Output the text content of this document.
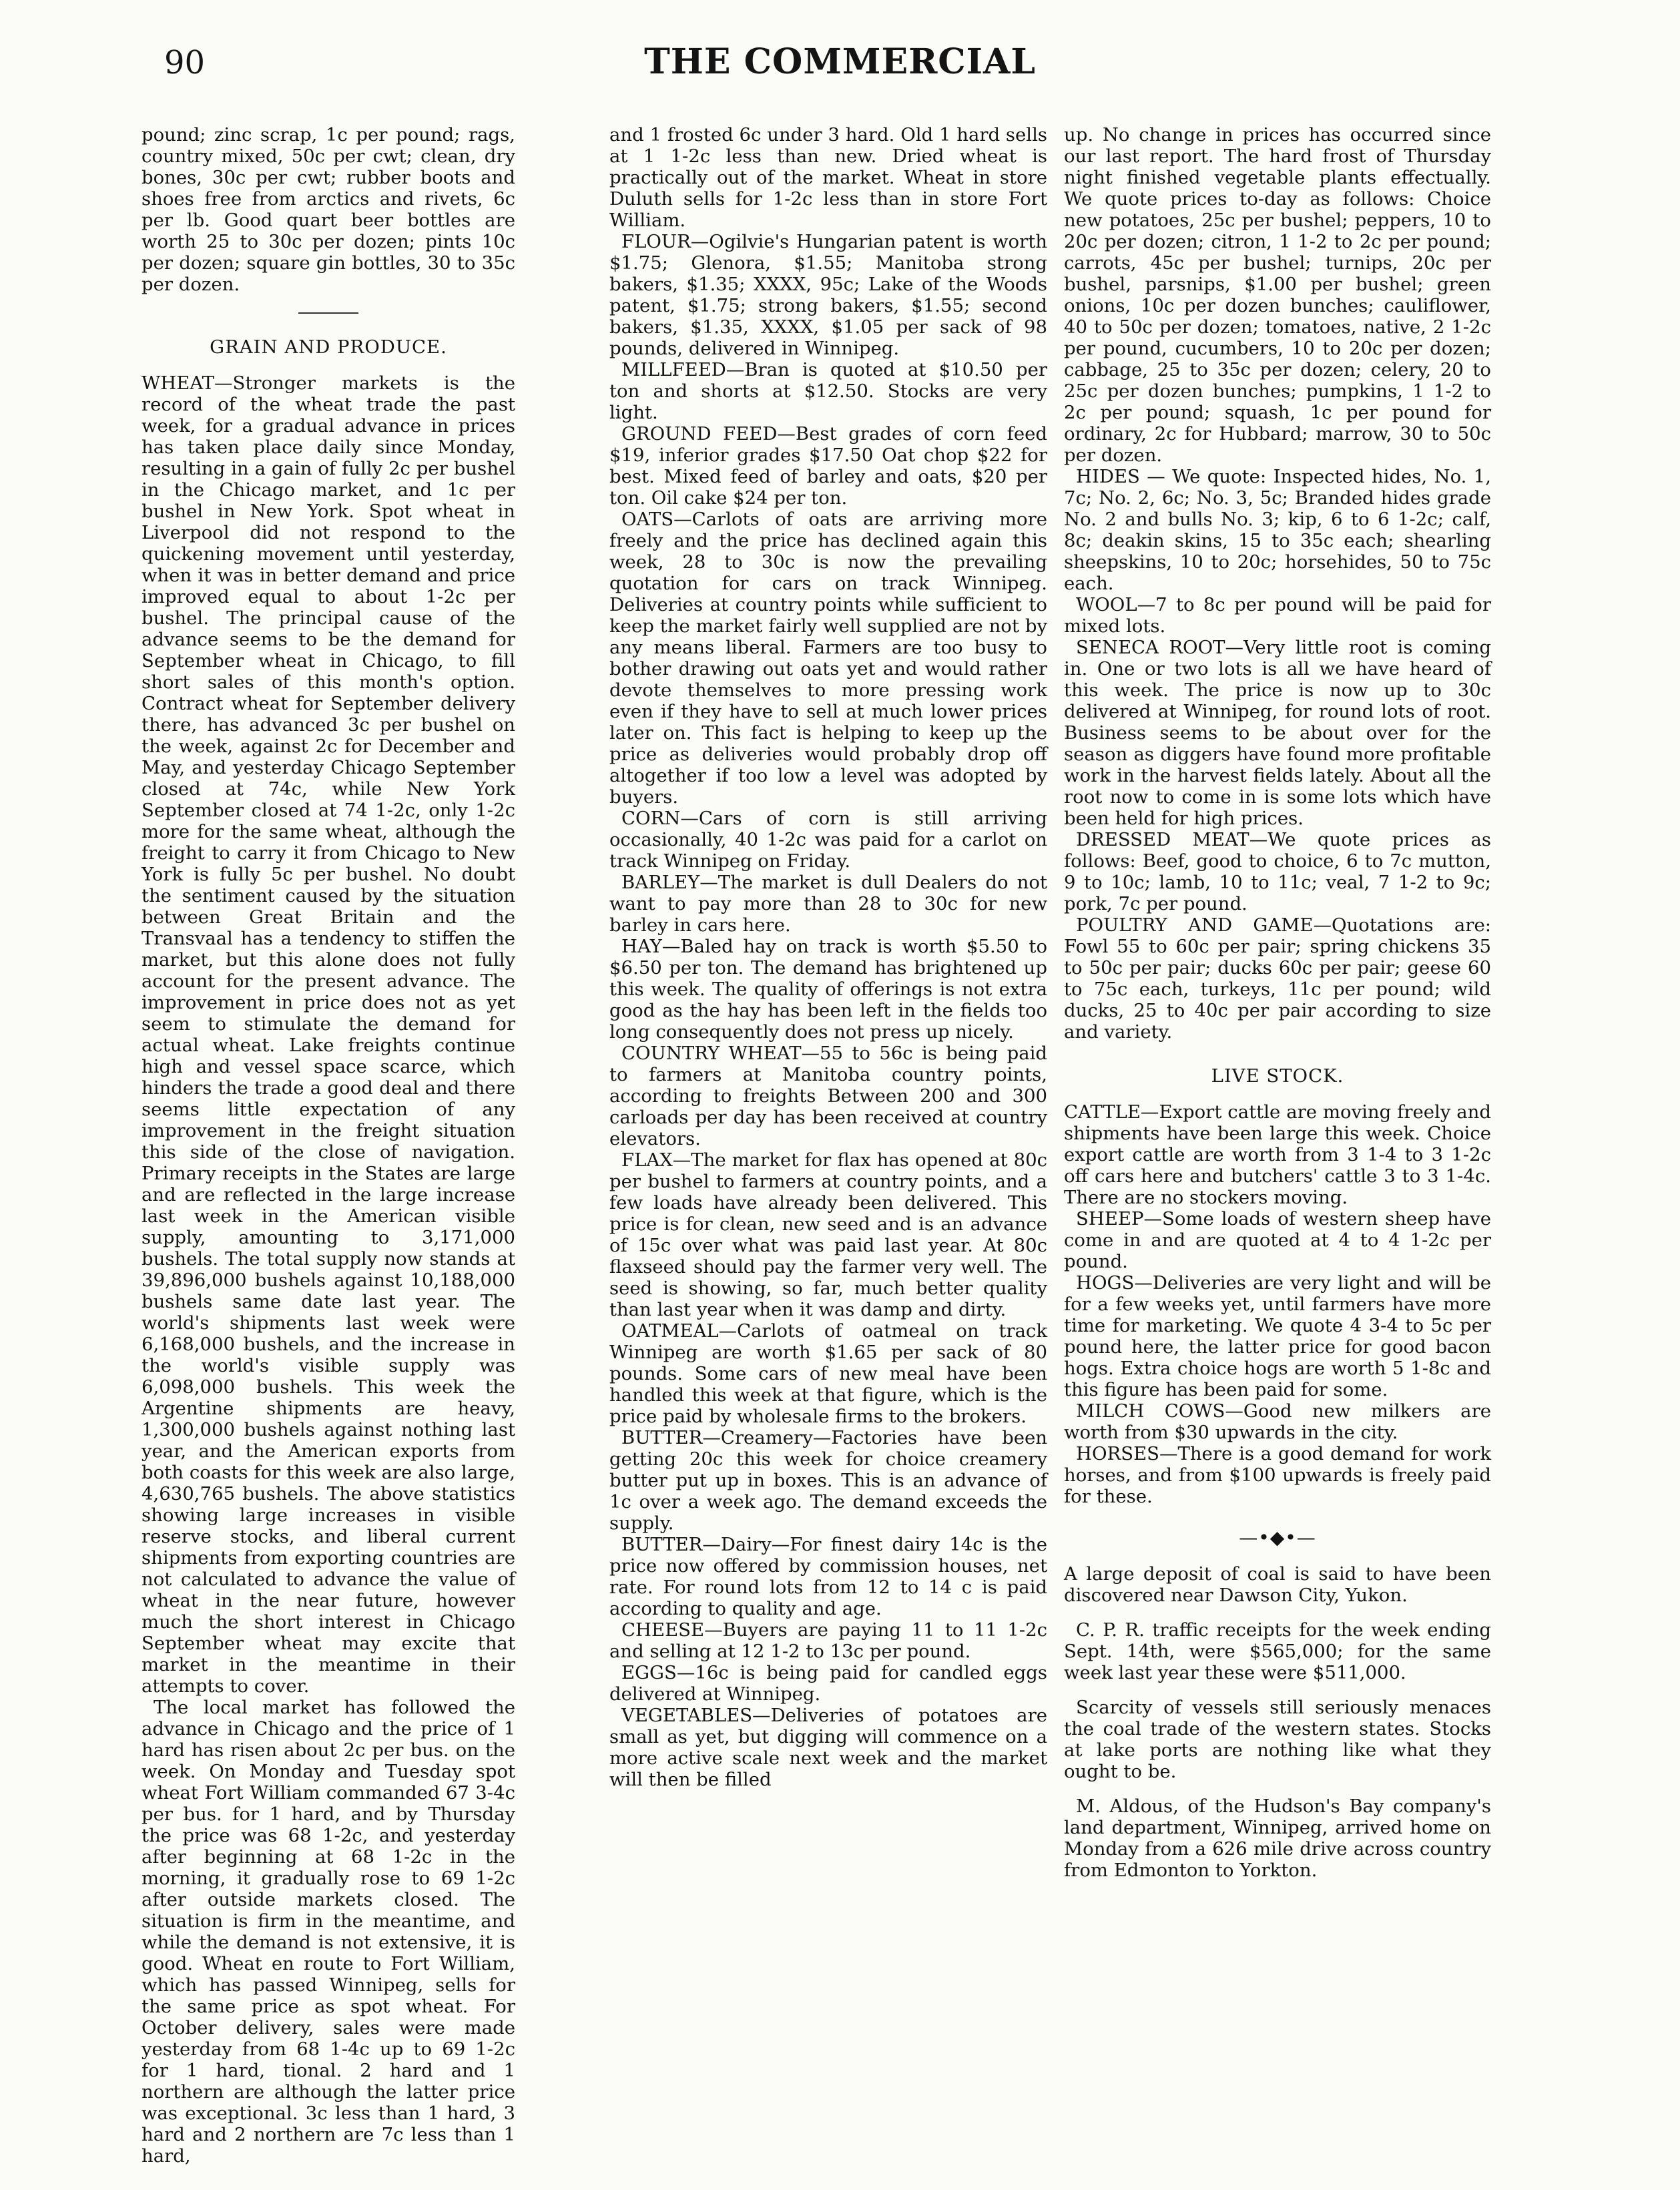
90	THE COMMERCIAL

pound; zinc scrap, 1c per pound; rags, country mixed, 50c per cwt; clean, dry bones, 30c per cwt; rubber boots and shoes free from arctics and rivets, 6c per lb. Good quart beer bottles are worth 25 to 30c per dozen; pints 10c per dozen; square gin bottles, 30 to 35c per dozen.

GRAIN AND PRODUCE.

WHEAT—Stronger markets is the record of the wheat trade the past week, for a gradual advance in prices has taken place daily since Monday, resulting in a gain of fully 2c per bushel in the Chicago market, and 1c per bushel in New York. Spot wheat in Liverpool did not respond to the quickening movement until yesterday, when it was in better demand and price improved equal to about 1-2c per bushel. The principal cause of the advance seems to be the demand for September wheat in Chicago, to fill short sales of this month's option. Contract wheat for September delivery there, has advanced 3c per bushel on the week, against 2c for December and May, and yesterday Chicago September closed at 74c, while New York September closed at 74 1-2c, only 1-2c more for the same wheat, although the freight to carry it from Chicago to New York is fully 5c per bushel. No doubt the sentiment caused by the situation between Great Britain and the Transvaal has a tendency to stiffen the market, but this alone does not fully account for the present advance. The improvement in price does not as yet seem to stimulate the demand for actual wheat. Lake freights continue high and vessel space scarce, which hinders the trade a good deal and there seems little expectation of any improvement in the freight situation this side of the close of navigation. Primary receipts in the States are large and are reflected in the large increase last week in the American visible supply, amounting to 3,171,000 bushels. The total supply now stands at 39,896,000 bushels against 10,188,000 bushels same date last year. The world's shipments last week were 6,168,000 bushels, and the increase in the world's visible supply was 6,098,000 bushels. This week the Argentine shipments are heavy, 1,300,000 bushels against nothing last year, and the American exports from both coasts for this week are also large, 4,630,765 bushels. The above statistics showing large increases in visible reserve stocks, and liberal current shipments from exporting countries are not calculated to advance the value of wheat in the near future, however much the short interest in Chicago September wheat may excite that market in the meantime in their attempts to cover.

The local market has followed the advance in Chicago and the price of 1 hard has risen about 2c per bus. on the week. On Monday and Tuesday spot wheat Fort William commanded 67 3-4c per bus. for 1 hard, and by Thursday the price was 68 1-2c, and yesterday after beginning at 68 1-2c in the morning, it gradually rose to 69 1-2c after outside markets closed. The situation is firm in the meantime, and while the demand is not extensive, it is good. Wheat en route to Fort William, which has passed Winnipeg, sells for the same price as spot wheat. For October delivery, sales were made yesterday from 68 1-4c up to 69 1-2c for 1 hard, tional. 2 hard and 1 northern are although the latter price was exceptional. 3c less than 1 hard, 3 hard and 2 northern are 7c less than 1 hard,

and 1 frosted 6c under 3 hard. Old 1 hard sells at 1 1-2c less than new. Dried wheat is practically out of the market. Wheat in store Duluth sells for 1-2c less than in store Fort William.

FLOUR—Ogilvie's Hungarian patent is worth $1.75; Glenora, $1.55; Manitoba strong bakers, $1.35; XXXX, 95c; Lake of the Woods patent, $1.75; strong bakers, $1.55; second bakers, $1.35, XXXX, $1.05 per sack of 98 pounds, delivered in Winnipeg.

MILLFEED—Bran is quoted at $10.50 per ton and shorts at $12.50. Stocks are very light.

GROUND FEED—Best grades of corn feed $19, inferior grades $17.50 Oat chop $22 for best. Mixed feed of barley and oats, $20 per ton. Oil cake $24 per ton.

OATS—Carlots of oats are arriving more freely and the price has declined again this week, 28 to 30c is now the prevailing quotation for cars on track Winnipeg. Deliveries at country points while sufficient to keep the market fairly well supplied are not by any means liberal. Farmers are too busy to bother drawing out oats yet and would rather devote themselves to more pressing work even if they have to sell at much lower prices later on. This fact is helping to keep up the price as deliveries would probably drop off altogether if too low a level was adopted by buyers.

CORN—Cars of corn is still arriving occasionally, 40 1-2c was paid for a carlot on track Winnipeg on Friday.

BARLEY—The market is dull Dealers do not want to pay more than 28 to 30c for new barley in cars here.

HAY—Baled hay on track is worth $5.50 to $6.50 per ton. The demand has brightened up this week. The quality of offerings is not extra good as the hay has been left in the fields too long consequently does not press up nicely.

COUNTRY WHEAT—55 to 56c is being paid to farmers at Manitoba country points, according to freights Between 200 and 300 carloads per day has been received at country elevators.

FLAX—The market for flax has opened at 80c per bushel to farmers at country points, and a few loads have already been delivered. This price is for clean, new seed and is an advance of 15c over what was paid last year. At 80c flaxseed should pay the farmer very well. The seed is showing, so far, much better quality than last year when it was damp and dirty.

OATMEAL—Carlots of oatmeal on track Winnipeg are worth $1.65 per sack of 80 pounds. Some cars of new meal have been handled this week at that figure, which is the price paid by wholesale firms to the brokers.

BUTTER—Creamery—Factories have been getting 20c this week for choice creamery butter put up in boxes. This is an advance of 1c over a week ago. The demand exceeds the supply.

BUTTER—Dairy—For finest dairy 14c is the price now offered by commission houses, net rate. For round lots from 12 to 14 c is paid according to quality and age.

CHEESE—Buyers are paying 11 to 11 1-2c and selling at 12 1-2 to 13c per pound.

EGGS—16c is being paid for candled eggs delivered at Winnipeg.

VEGETABLES—Deliveries of potatoes are small as yet, but digging will commence on a more active scale next week and the market will then be filled

up. No change in prices has occurred since our last report. The hard frost of Thursday night finished vegetable plants effectually. We quote prices to-day as follows: Choice new potatoes, 25c per bushel; peppers, 10 to 20c per dozen; citron, 1 1-2 to 2c per pound; carrots, 45c per bushel; turnips, 20c per bushel, parsnips, $1.00 per bushel; green onions, 10c per dozen bunches; cauliflower, 40 to 50c per dozen; tomatoes, native, 2 1-2c per pound, cucumbers, 10 to 20c per dozen; cabbage, 25 to 35c per dozen; celery, 20 to 25c per dozen bunches; pumpkins, 1 1-2 to 2c per pound; squash, 1c per pound for ordinary, 2c for Hubbard; marrow, 30 to 50c per dozen.

HIDES — We quote: Inspected hides, No. 1, 7c; No. 2, 6c; No. 3, 5c; Branded hides grade No. 2 and bulls No. 3; kip, 6 to 6 1-2c; calf, 8c; deakin skins, 15 to 35c each; shearling sheepskins, 10 to 20c; horsehides, 50 to 75c each.

WOOL—7 to 8c per pound will be paid for mixed lots.

SENECA ROOT—Very little root is coming in. One or two lots is all we have heard of this week. The price is now up to 30c delivered at Winnipeg, for round lots of root. Business seems to be about over for the season as diggers have found more profitable work in the harvest fields lately. About all the root now to come in is some lots which have been held for high prices.

DRESSED MEAT—We quote prices as follows: Beef, good to choice, 6 to 7c mutton, 9 to 10c; lamb, 10 to 11c; veal, 7 1-2 to 9c; pork, 7c per pound.

POULTRY AND GAME—Quotations are: Fowl 55 to 60c per pair; spring chickens 35 to 50c per pair; ducks 60c per pair; geese 60 to 75c each, turkeys, 11c per pound; wild ducks, 25 to 40c per pair according to size and variety.

LIVE STOCK.

CATTLE—Export cattle are moving freely and shipments have been large this week. Choice export cattle are worth from 3 1-4 to 3 1-2c off cars here and butchers' cattle 3 to 3 1-4c. There are no stockers moving.

SHEEP—Some loads of western sheep have come in and are quoted at 4 to 4 1-2c per pound.

HOGS—Deliveries are very light and will be for a few weeks yet, until farmers have more time for marketing. We quote 4 3-4 to 5c per pound here, the latter price for good bacon hogs. Extra choice hogs are worth 5 1-8c and this figure has been paid for some.

MILCH COWS—Good new milkers are worth from $30 upwards in the city.

HORSES—There is a good demand for work horses, and from $100 upwards is freely paid for these.

—•◆•—

A large deposit of coal is said to have been discovered near Dawson City, Yukon.

C. P. R. traffic receipts for the week ending Sept. 14th, were $565,000; for the same week last year these were $511,000.

Scarcity of vessels still seriously menaces the coal trade of the western states. Stocks at lake ports are nothing like what they ought to be.

M. Aldous, of the Hudson's Bay company's land department, Winnipeg, arrived home on Monday from a 626 mile drive across country from Edmonton to Yorkton.
